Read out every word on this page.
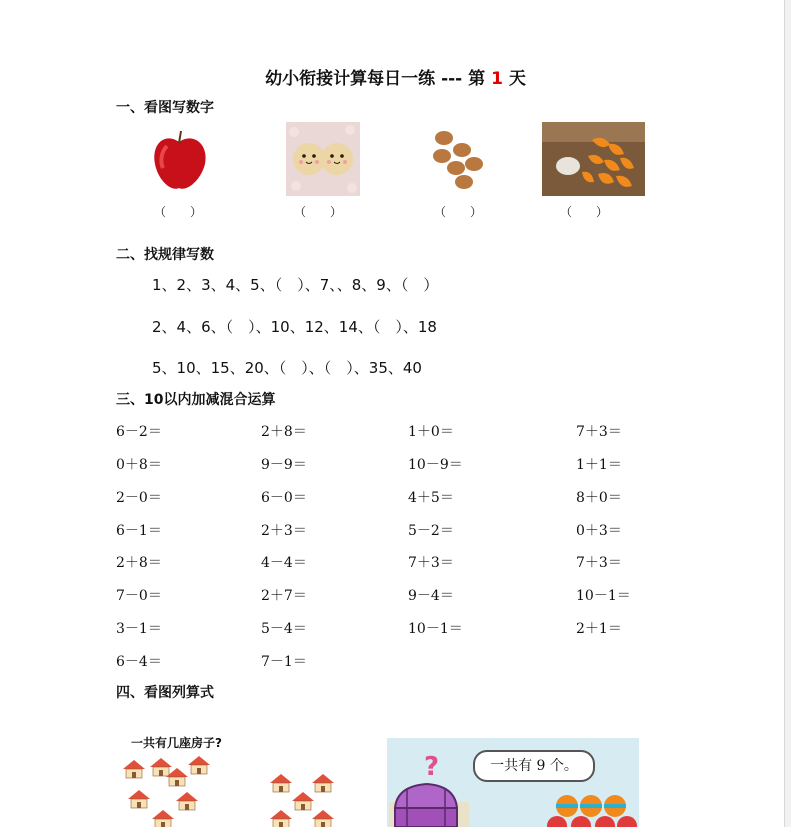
幼小衔接计算每日一练 --- 第 1 天
一、看图写数字
（　　）	（　　）	（　　）	（　　）
二、找规律写数
1、2、3、4、5、（　）、7、、8、9、（　）
2、4、6、（　）、10、12、14、（　）、18
5、10、15、20、（　）、（　）、35、40
三、10以内加减混合运算
6－2＝	2＋8＝	1＋0＝	7＋3＝
0＋8＝	9－9＝	10－9＝	1＋1＝
2－0＝	6－0＝	4＋5＝	8＋0＝
6－1＝	2＋3＝	5－2＝	0＋3＝
2＋8＝	4－4＝	7＋3＝	7＋3＝
7－0＝	2＋7＝	9－4＝	10－1＝
3－1＝	5－4＝	10－1＝	2＋1＝
6－4＝	7－1＝
四、看图列算式
一共有几座房子?
?	一共有 9 个。
